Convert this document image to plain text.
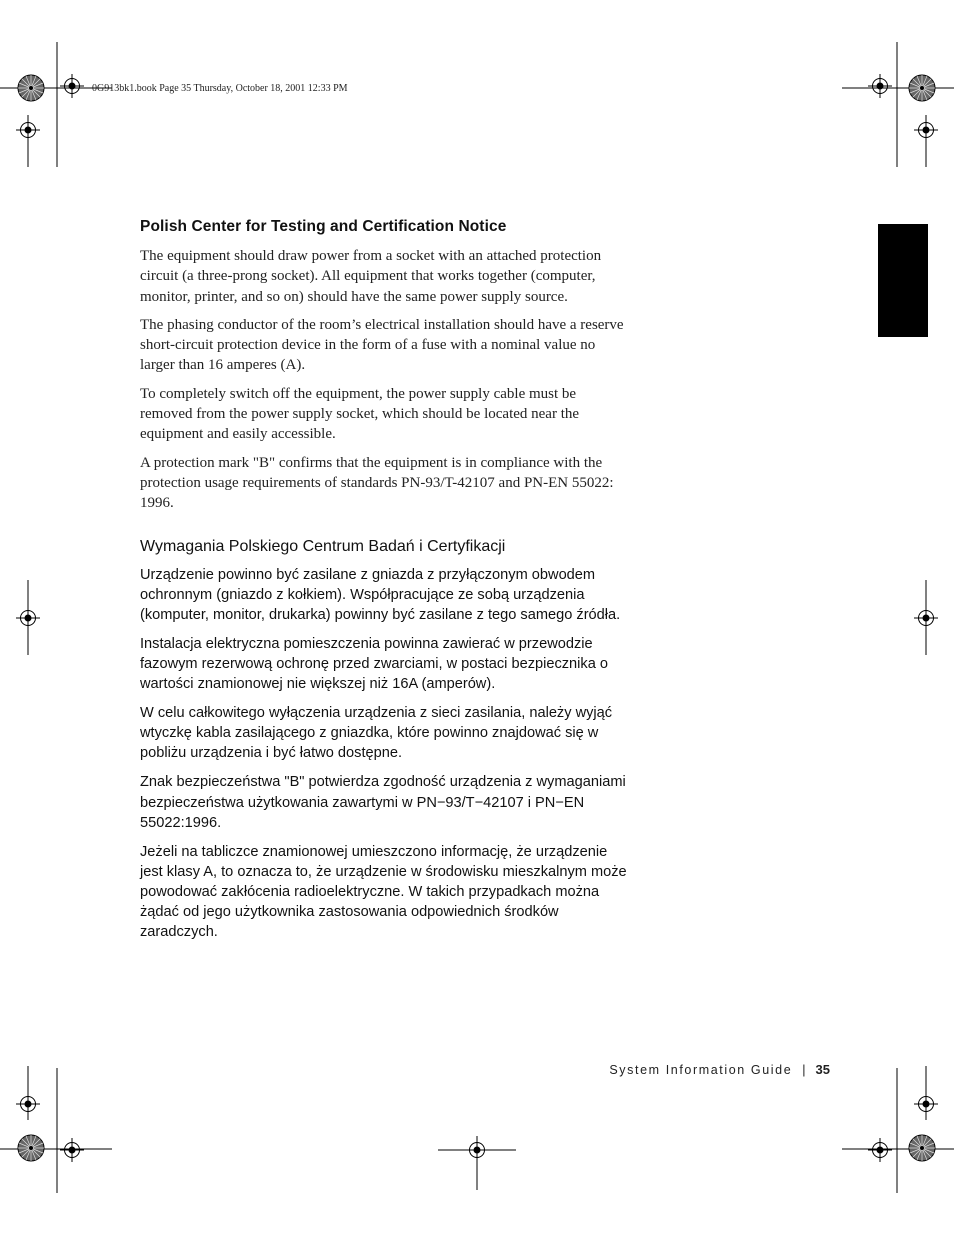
0G913bk1.book Page 35 Thursday, October 18, 2001 12:33 PM
Polish Center for Testing and Certification Notice

The equipment should draw power from a socket with an attached protection circuit (a three-prong socket). All equipment that works together (computer, monitor, printer, and so on) should have the same power supply source.

The phasing conductor of the room’s electrical installation should have a reserve short-circuit protection device in the form of a fuse with a nominal value no larger than 16 amperes (A).

To completely switch off the equipment, the power supply cable must be removed from the power supply socket, which should be located near the equipment and easily accessible.

A protection mark "B" confirms that the equipment is in compliance with the protection usage requirements of standards PN-93/T-42107 and PN-EN 55022: 1996.

Wymagania Polskiego Centrum Badań i Certyfikacji

Urządzenie powinno być zasilane z gniazda z przyłączonym obwodem ochronnym (gniazdo z kołkiem). Współpracujące ze sobą urządzenia (komputer, monitor, drukarka) powinny być zasilane z tego samego źródła.

Instalacja elektryczna pomieszczenia powinna zawierać w przewodzie fazowym rezerwową ochronę przed zwarciami, w postaci bezpiecznika o wartości znamionowej nie większej niż 16A (amperów).

W celu całkowitego wyłączenia urządzenia z sieci zasilania, należy wyjąć wtyczkę kabla zasilającego z gniazdka, które powinno znajdować się w pobliżu urządzenia i być łatwo dostępne.

Znak bezpieczeństwa "B" potwierdza zgodność urządzenia z wymaganiami bezpieczeństwa użytkowania zawartymi w PN−93/T−42107 i PN−EN 55022:1996.

Jeżeli na tabliczce znamionowej umieszczono informację, że urządzenie jest klasy A, to oznacza to, że urządzenie w środowisku mieszkalnym może powodować zakłócenia radioelektryczne. W takich przypadkach można żądać od jego użytkownika zastosowania odpowiednich środków zaradczych.

System Information Guide | 35
